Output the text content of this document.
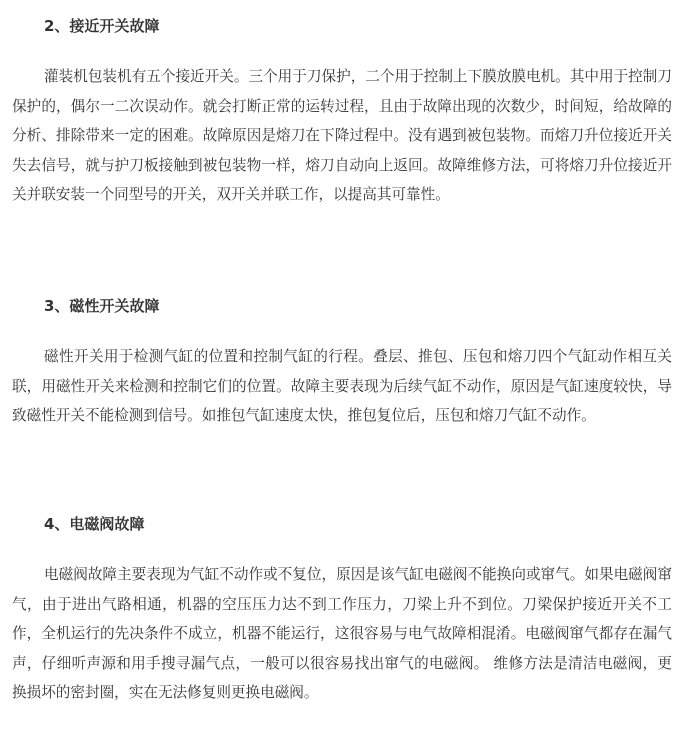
2、接近开关故障

灌装机包装机有五个接近开关。三个用于刀保护，二个用于控制上下膜放膜电机。其中用于控制刀保护的，偶尔一二次误动作。就会打断正常的运转过程，且由于故障出现的次数少，时间短，给故障的分析、排除带来一定的困难。故障原因是熔刀在下降过程中。没有遇到被包装物。而熔刀升位接近开关失去信号，就与护刀板接触到被包装物一样，熔刀自动向上返回。故障维修方法，可将熔刀升位接近开关并联安装一个同型号的开关，双开关并联工作，以提高其可靠性。

3、磁性开关故障

磁性开关用于检测气缸的位置和控制气缸的行程。叠层、推包、压包和熔刀四个气缸动作相互关联，用磁性开关来检测和控制它们的位置。故障主要表现为后续气缸不动作，原因是气缸速度较快，导致磁性开关不能检测到信号。如推包气缸速度太快，推包复位后，压包和熔刀气缸不动作。

4、电磁阀故障

电磁阀故障主要表现为气缸不动作或不复位，原因是该气缸电磁阀不能换向或窜气。如果电磁阀窜气，由于进出气路相通，机器的空压压力达不到工作压力，刀梁上升不到位。刀梁保护接近开关不工作，全机运行的先决条件不成立，机器不能运行，这很容易与电气故障相混淆。电磁阀窜气都存在漏气声，仔细听声源和用手搜寻漏气点，一般可以很容易找出窜气的电磁阀。 维修方法是清洁电磁阀，更换损坏的密封圈，实在无法修复则更换电磁阀。
